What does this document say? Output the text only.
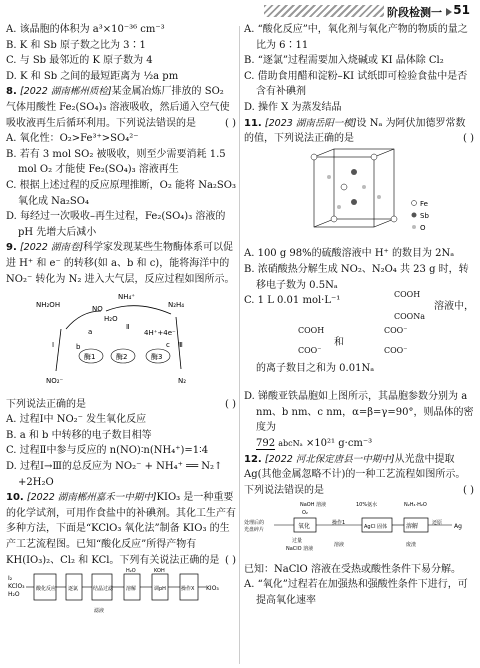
阶段检测一 51

A. 该晶胞的体积为 a³×10⁻³⁶ cm⁻³

B. K 和 Sb 原子数之比为 3∶1

C. 与 Sb 最邻近的 K 原子数为 4

D. K 和 Sb 之间的最短距离为 ½a pm

8. [2022 湖南郴州质检]某金属冶炼厂排放的 SO₂ 气体用酸性 Fe₂(SO₄)₃ 溶液吸收，然后通入空气使吸收液再生后循环利用。下列说法错误的是	( )

A. 氧化性：O₂>Fe³⁺>SO₄²⁻

B. 若有 3 mol SO₂ 被吸收，则至少需要消耗 1.5 mol O₂ 才能使 Fe₂(SO₄)₃ 溶液再生

C. 根据上述过程的反应原理推断，O₂ 能将 Na₂SO₃ 氧化成 Na₂SO₄

D. 每经过一次吸收–再生过程，Fe₂(SO₄)₃ 溶液的 pH 先增大后减小

9. [2022 湖南卷]科学家发现某些生物酶体系可以促进 H⁺ 和 e⁻ 的转移(如 a、b 和 c)，能将海洋中的 NO₂⁻ 转化为 N₂ 进入大气层，反应过程如图所示。

NH₄⁺
NH₂OH	N₂H₄
NO
a
b	c
Ⅰ
Ⅱ
Ⅲ
酶1	酶2	酶3
H₂O
4H⁺+4e⁻
NO₂⁻	N₂

下列说法正确的是	( )

A. 过程Ⅰ中 NO₂⁻ 发生氧化反应

B. a 和 b 中转移的电子数目相等

C. 过程Ⅱ中参与反应的 n(NO)∶n(NH₄⁺)=1∶4

D. 过程Ⅰ→Ⅲ的总反应为 NO₂⁻ + NH₄⁺ ══ N₂↑ +2H₂O

10. [2022 湖南郴州嘉禾一中期中]KIO₃ 是一种重要的化学试剂，可用作食盐中的补碘剂。其化工生产有多种方法，下面是“KClO₃ 氧化法”制备 KIO₃ 的生产工艺流程图。已知“酸化反应”所得产物有 KH(IO₃)₂、Cl₂ 和 KCl。下列有关说法正确的是 ( )

I₂
KClO₃
H₂O
酸化反应 逐氯	结晶过滤	溶解	调pH	操作X KIO₃
H₂O	KOH
滤液

A. “酸化反应”中，氧化剂与氧化产物的物质的量之比为 6∶11

B. “逐氯”过程需要加入烧碱或 KI 晶体除 Cl₂

C. 借助食用醋和淀粉–KI 试纸即可检验食盐中是否含有补碘剂

D. 操作 X 为蒸发结晶

11. [2023 湖南岳阳一模]设 Nₐ 为阿伏加德罗常数的值，下列说法正确的是	( )

Fe
Sb
O

A. 100 g 98%的硫酸溶液中 H⁺ 的数目为 2Nₐ

B. 浓硝酸热分解生成 NO₂、N₂O₄ 共 23 g 时，转移电子数为 0.5Nₐ

C. 1 L 0.01 mol·L⁻¹
COOH
COONa
溶液中，
COOH
COO⁻
和
COO⁻
COO⁻
的离子数目之和为 0.01Nₐ

D. 锑酸亚铁晶胞如上图所示，其晶胞参数分别为 a nm、b nm、c nm，α=β=γ=90°，则晶体的密度为

792 abcNₐ ×10²¹ g·cm⁻³

12. [2022 河北保定唐县一中期中]从光盘中提取 Ag(其他金属忽略不计)的一种工艺流程如图所示。下列说法错误的是	( )

NaOH 溶液	10%氨水	N₂H₄·H₂O
O₂
处理后的
光盘碎片	氧化	操作1
AgCl 固体	溶解	还原 Ag
过量
NaClO 溶液
溶液	废渣

已知：NaClO 溶液在受热或酸性条件下易分解。

A. “氧化”过程若在加强热和强酸性条件下进行，可提高氧化速率
